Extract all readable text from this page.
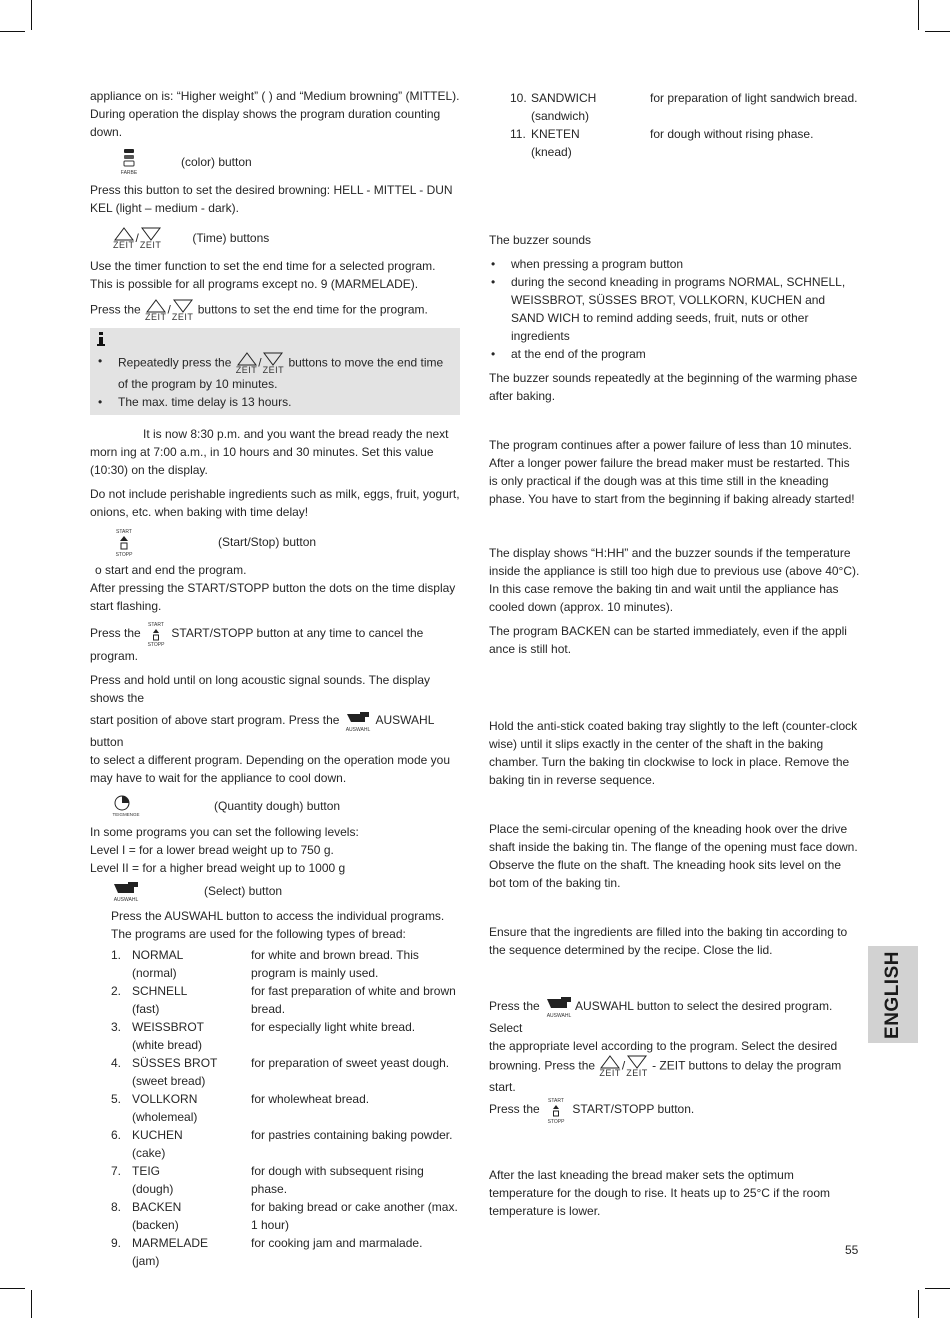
appliance on is: “Higher weight” ( ) and “Medium browning” (MITTEL). During operation the display shows the program duration counting down.

FARBE
(color) button

Press this button to set the desired browning: HELL - MITTEL - DUN KEL (light – medium - dark).

ZEIT / ZEIT	(Time) buttons

Use the timer function to set the end time for a selected program. This is possible for all programs except no. 9 (MARMELADE).

Press the
ZEIT
/
ZEIT
buttons to set the end time for the program.

• Repeatedly press the
ZEIT
/
ZEIT
buttons to move the end time of the program by 10 minutes.
• The max. time delay is 13 hours.

It is now 8:30 p.m. and you want the bread ready the next morn ing at 7:00 a.m., in 10 hours and 30 minutes. Set this value (10:30) on the display.

Do not include perishable ingredients such as milk, eggs, fruit, yogurt, onions, etc. when baking with time delay!

START
STOPP
(Start/Stop) button

o start and end the program.

After pressing the START/STOPP button the dots on the time display start flashing.

Press the
START
STOPP
START/STOPP button at any time to cancel the program.

Press and hold until on long acoustic signal sounds. The display shows the

start position of above start program. Press the
AUSWAHL
AUSWAHL button

to select a different program. Depending on the operation mode you may have to wait for the appliance to cool down.

TEIGMENGE
(Quantity dough) button

In some programs you can set the following levels:

Level I = for a lower bread weight up to 750 g.

Level II = for a higher bread weight up to 1000 g

AUSWAHL
(Select) button

Press the AUSWAHL button to access the individual programs. The programs are used for the following types of bread:

1. NORMAL
(normal)
for white and brown bread. This program is mainly used.
2. SCHNELL
(fast)
for fast preparation of white and brown bread.
3. WEISSBROT
(white bread)
for especially light white bread.
4. SÜSSES BROT
(sweet bread)
for preparation of sweet yeast dough.
5. VOLLKORN
(wholemeal)
for wholewheat bread.
6. KUCHEN
(cake)
for pastries containing baking powder.
7. TEIG
(dough)
for dough with subsequent rising phase.
8. BACKEN
(backen)
for baking bread or cake another (max. 1 hour)
9. MARMELADE
(jam)
for cooking jam and marmalade.
10. SANDWICH
(sandwich)
for preparation of light sandwich bread.
11. KNETEN
(knead)
for dough without rising phase.

The buzzer sounds

• when pressing a program button
• during the second kneading in programs NORMAL, SCHNELL, WEISSBROT, SÜSSES BROT, VOLLKORN, KUCHEN and SAND WICH to remind adding seeds, fruit, nuts or other ingredients
• at the end of the program

The buzzer sounds repeatedly at the beginning of the warming phase after baking.

The program continues after a power failure of less than 10 minutes. After a longer power failure the bread maker must be restarted. This is only practical if the dough was at this time still in the kneading phase. You have to start from the beginning if baking already started!

The display shows “H:HH” and the buzzer sounds if the temperature inside the appliance is still too high due to previous use (above 40°C). In this case remove the baking tin and wait until the appliance has cooled down (approx. 10 minutes).

The program BACKEN can be started immediately, even if the appli ance is still hot.

Hold the anti-stick coated baking tray slightly to the left (counter-clock wise) until it slips exactly in the center of the shaft in the baking chamber. Turn the baking tin clockwise to lock in place. Remove the baking tin in reverse sequence.

Place the semi-circular opening of the kneading hook over the drive shaft inside the baking tin. The flange of the opening must face down. Observe the flute on the shaft. The kneading hook sits level on the bot tom of the baking tin.

Ensure that the ingredients are filled into the baking tin according to the sequence determined by the recipe. Close the lid.

Press the
AUSWAHL
AUSWAHL button to select the desired program. Select
the appropriate level according to the program. Select the desired
browning. Press the
ZEIT
/
ZEIT
- ZEIT buttons to delay the program start.
Press the
START
STOPP
START/STOPP button.

After the last kneading the bread maker sets the optimum temperature for the dough to rise. It heats up to 25°C if the room temperature is lower.

ENGLISH
55
